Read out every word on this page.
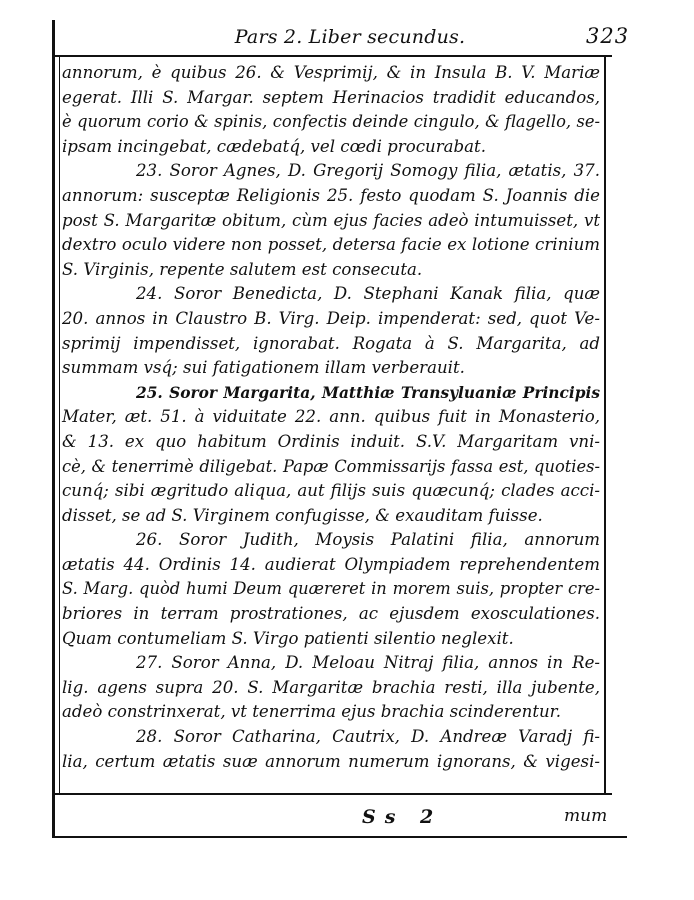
Pars 2. Liber secundus.	323
annorum, è quibus 26. & Vesprimij, & in Insula B. V. Mariæ
egerat. Illi S. Margar. septem Herinacios tradidit educandos,
è quorum corio & spinis, confectis deinde cingulo, & flagello, se-
ipsam incingebat, cædebatq́, vel cœdi procurabat.
23. Soror Agnes, D. Gregorij Somogy filia, ætatis, 37.
annorum: susceptæ Religionis 25. festo quodam S. Joannis die
post S. Margaritæ obitum, cùm ejus facies adeò intumuisset, vt
dextro oculo videre non posset, detersa facie ex lotione crinium
S. Virginis, repente salutem est consecuta.
24. Soror Benedicta, D. Stephani Kanak filia, quæ
20. annos in Claustro B. Virg. Deip. impenderat: sed, quot Ve-
sprimij impendisset, ignorabat. Rogata à S. Margarita, ad
summam vsq́; sui fatigationem illam verberauit.
25. Soror Margarita, Matthiæ Transyluaniæ Principis
Mater, æt. 51. à viduitate 22. ann. quibus fuit in Monasterio,
& 13. ex quo habitum Ordinis induit. S.V. Margaritam vni-
cè, & tenerrimè diligebat. Papæ Commissarijs fassa est, quoties-
cunq́; sibi ægritudo aliqua, aut filijs suis quæcunq́; clades acci-
disset, se ad S. Virginem confugisse, & exauditam fuisse.
26. Soror Judith, Moysis Palatini filia, annorum
ætatis 44. Ordinis 14. audierat Olympiadem reprehendentem
S. Marg. quòd humi Deum quæreret in morem suis, propter cre-
briores in terram prostrationes, ac ejusdem exosculationes.
Quam contumeliam S. Virgo patienti silentio neglexit.
27. Soror Anna, D. Meloau Nitraj filia, annos in Re-
lig. agens supra 20. S. Margaritæ brachia resti, illa jubente,
adeò constrinxerat, vt tenerrima ejus brachia scinderentur.
28. Soror Catharina, Cautrix, D. Andreæ Varadj fi-
lia, certum ætatis suæ annorum numerum ignorans, & vigesi-
Ss 2	mum
